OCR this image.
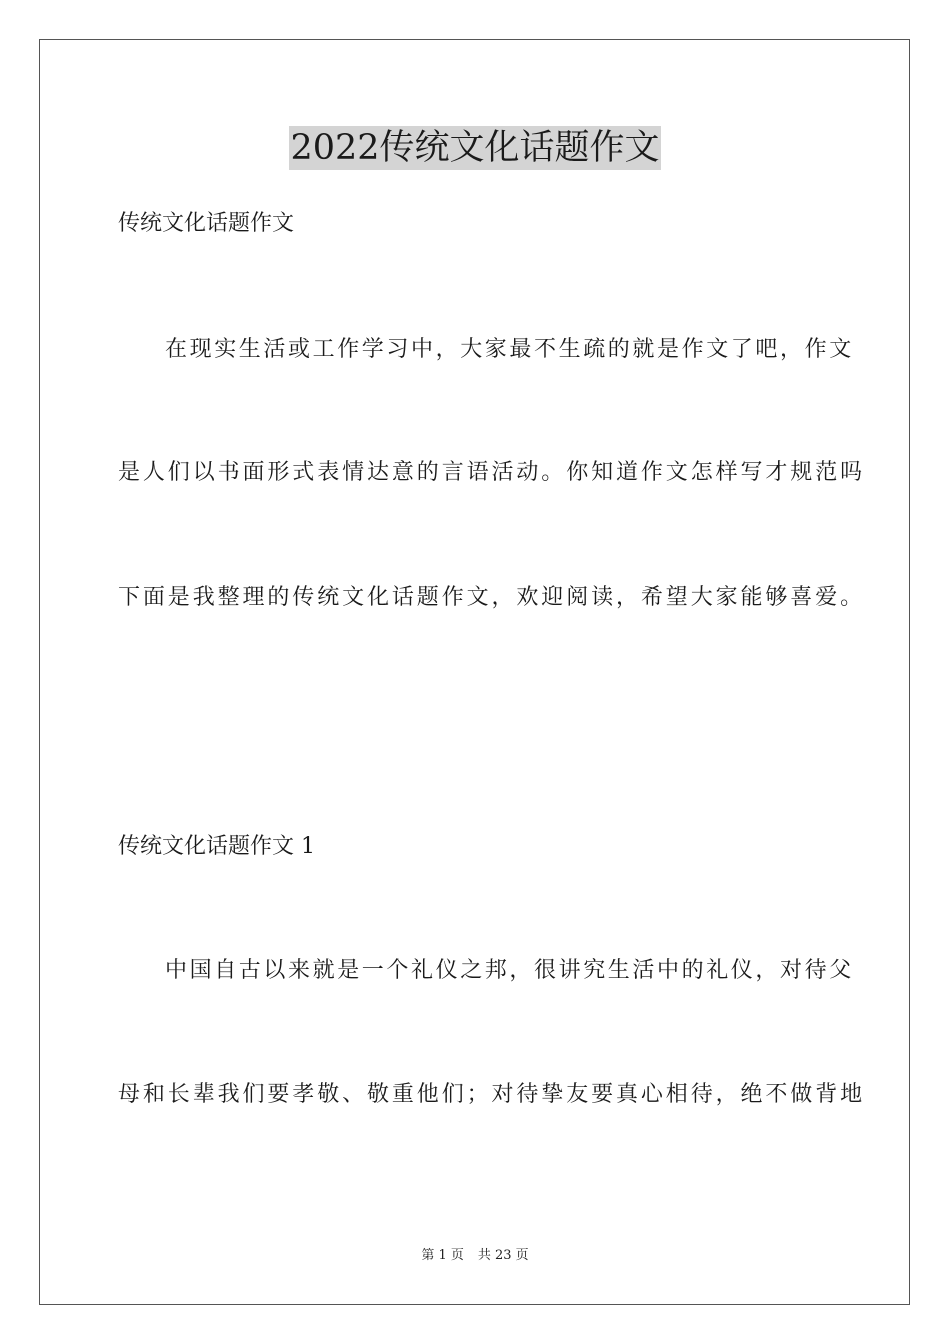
2022传统文化话题作文

传统文化话题作文

在现实生活或工作学习中，大家最不生疏的就是作文了吧，作文

是人们以书面形式表情达意的言语活动。你知道作文怎样写才规范吗

下面是我整理的传统文化话题作文，欢迎阅读，希望大家能够喜爱。

传统文化话题作文 1

中国自古以来就是一个礼仪之邦，很讲究生活中的礼仪，对待父

母和长辈我们要孝敬、敬重他们；对待挚友要真心相待，绝不做背地

第 1 页 共 23 页
